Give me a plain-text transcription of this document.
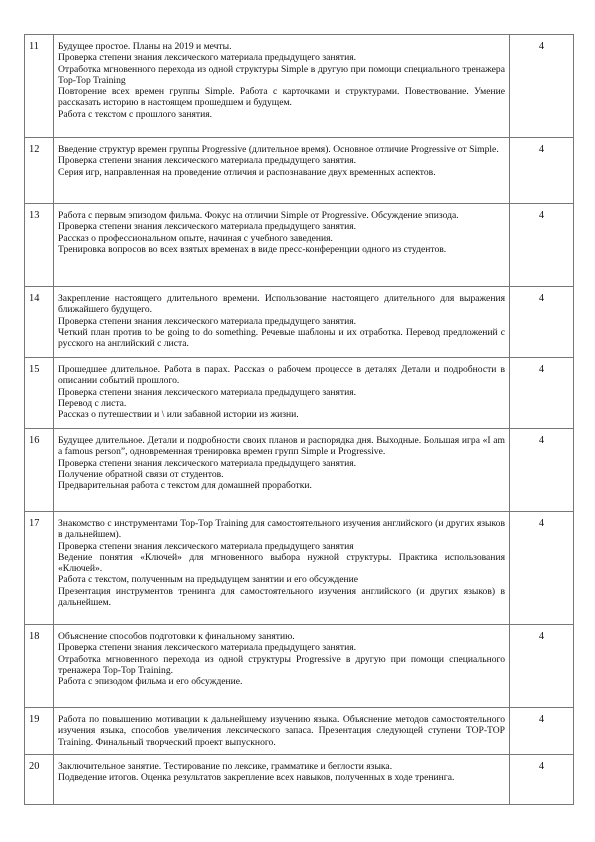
11	Будущее простое. Планы на 2019 и мечты.
Проверка степени знания лексического материала предыдущего занятия.
Отработка мгновенного перехода из одной структуры Simple в другую при помощи специального тренажера Top-Top Training
Повторение всех времен группы Simple. Работа с карточками и структурами. Повествование. Умение рассказать историю в настоящем прошедшем и будущем.
Работа с текстом с прошлого занятия.	4
12	Введение структур времен группы Progressive (длительное время). Основное отличие Progressive от Simple.
Проверка степени знания лексического материала предыдущего занятия.
Серия игр, направленная на проведение отличия и распознавание двух временных аспектов.	4
13	Работа с первым эпизодом фильма. Фокус на отличии Simple от Progressive. Обсуждение эпизода.
Проверка степени знания лексического материала предыдущего занятия.
Рассказ о профессиональном опыте, начиная с учебного заведения.
Тренировка вопросов во всех взятых временах в виде пресс-конференции одного из студентов.	4
14	Закрепление настоящего длительного времени. Использование настоящего длительного для выражения ближайшего будущего.
Проверка степени знания лексического материала предыдущего занятия.
Четкий план против to be going to do something. Речевые шаблоны и их отработка. Перевод предложений с русского на английский с листа.	4
15	Прошедшее длительное. Работа в парах. Рассказ о рабочем процессе в деталях Детали и подробности в описании событий прошлого.
Проверка степени знания лексического материала предыдущего занятия.
Перевод с листа.
Рассказ о путешествии и \ или забавной истории из жизни.	4
16	Будущее длительное. Детали и подробности своих планов и распорядка дня. Выходные. Большая игра «I am a famous person”, одновременная тренировка времен групп Simple и Progressive.
Проверка степени знания лексического материала предыдущего занятия.
Получение обратной связи от студентов.
Предварительная работа с текстом для домашней проработки.	4
17	Знакомство с инструментами Top-Top Training для самостоятельного изучения английского (и других языков в дальнейшем).
Проверка степени знания лексического материала предыдущего занятия
Ведение понятия «Ключей» для мгновенного выбора нужной структуры. Практика использования «Ключей».
Работа с текстом, полученным на предыдущем занятии и его обсуждение
Презентация инструментов тренинга для самостоятельного изучения английского (и других языков) в дальнейшем.	4
18	Объяснение способов подготовки к финальному занятию.
Проверка степени знания лексического материала предыдущего занятия.
Отработка мгновенного перехода из одной структуры Progressive в другую при помощи специального тренажера Top-Top Training.
Работа с эпизодом фильма и его обсуждение.	4
19	Работа по повышению мотивации к дальнейшему изучению языка. Объяснение методов самостоятельного изучения языка, способов увеличения лексического запаса. Презентация следующей ступени TOP-TOP Training. Финальный творческий проект выпускного.	4
20	Заключительное занятие. Тестирование по лексике, грамматике и беглости языка.
Подведение итогов. Оценка результатов закрепление всех навыков, полученных в ходе тренинга.	4
